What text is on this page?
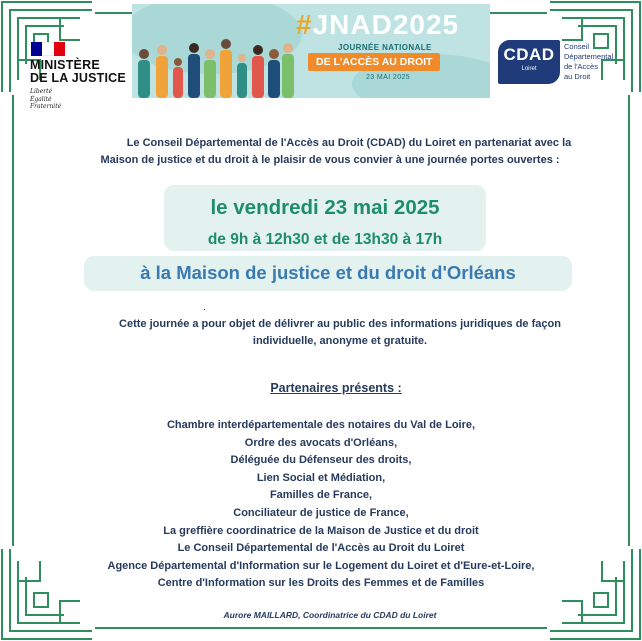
MINISTÈRE
DE LA JUSTICE
Liberté
Égalité
Fraternité
#JNAD2025
JOURNÉE NATIONALE
DE L'ACCÈS AU DROIT
23 MAI 2025
CDAD
Loiret
Conseil
Départemental
de l'Accès
au Droit
Le Conseil Départemental de l'Accès au Droit (CDAD) du Loiret en partenariat avec la
Maison de justice et du droit à le plaisir de vous convier à une journée portes ouvertes :
le vendredi 23 mai 2025
de 9h à 12h30 et de 13h30 à 17h
à la Maison de justice et du droit d'Orléans
.
Cette journée a pour objet de délivrer au public des informations juridiques de façon
individuelle, anonyme et gratuite.
Partenaires présents :
Chambre interdépartementale des notaires du Val de Loire,
Ordre des avocats d'Orléans,
Déléguée du Défenseur des droits,
Lien Social et Médiation,
Familles de France,
Conciliateur de justice de France,
La greffière coordinatrice de la Maison de Justice et du droit
Le Conseil Départemental de l'Accès au Droit du Loiret
Agence Départemental d'Information sur le Logement du Loiret et d'Eure-et-Loire,
Centre d'Information sur les Droits des Femmes et de Familles
Aurore MAILLARD, Coordinatrice du CDAD du Loiret
